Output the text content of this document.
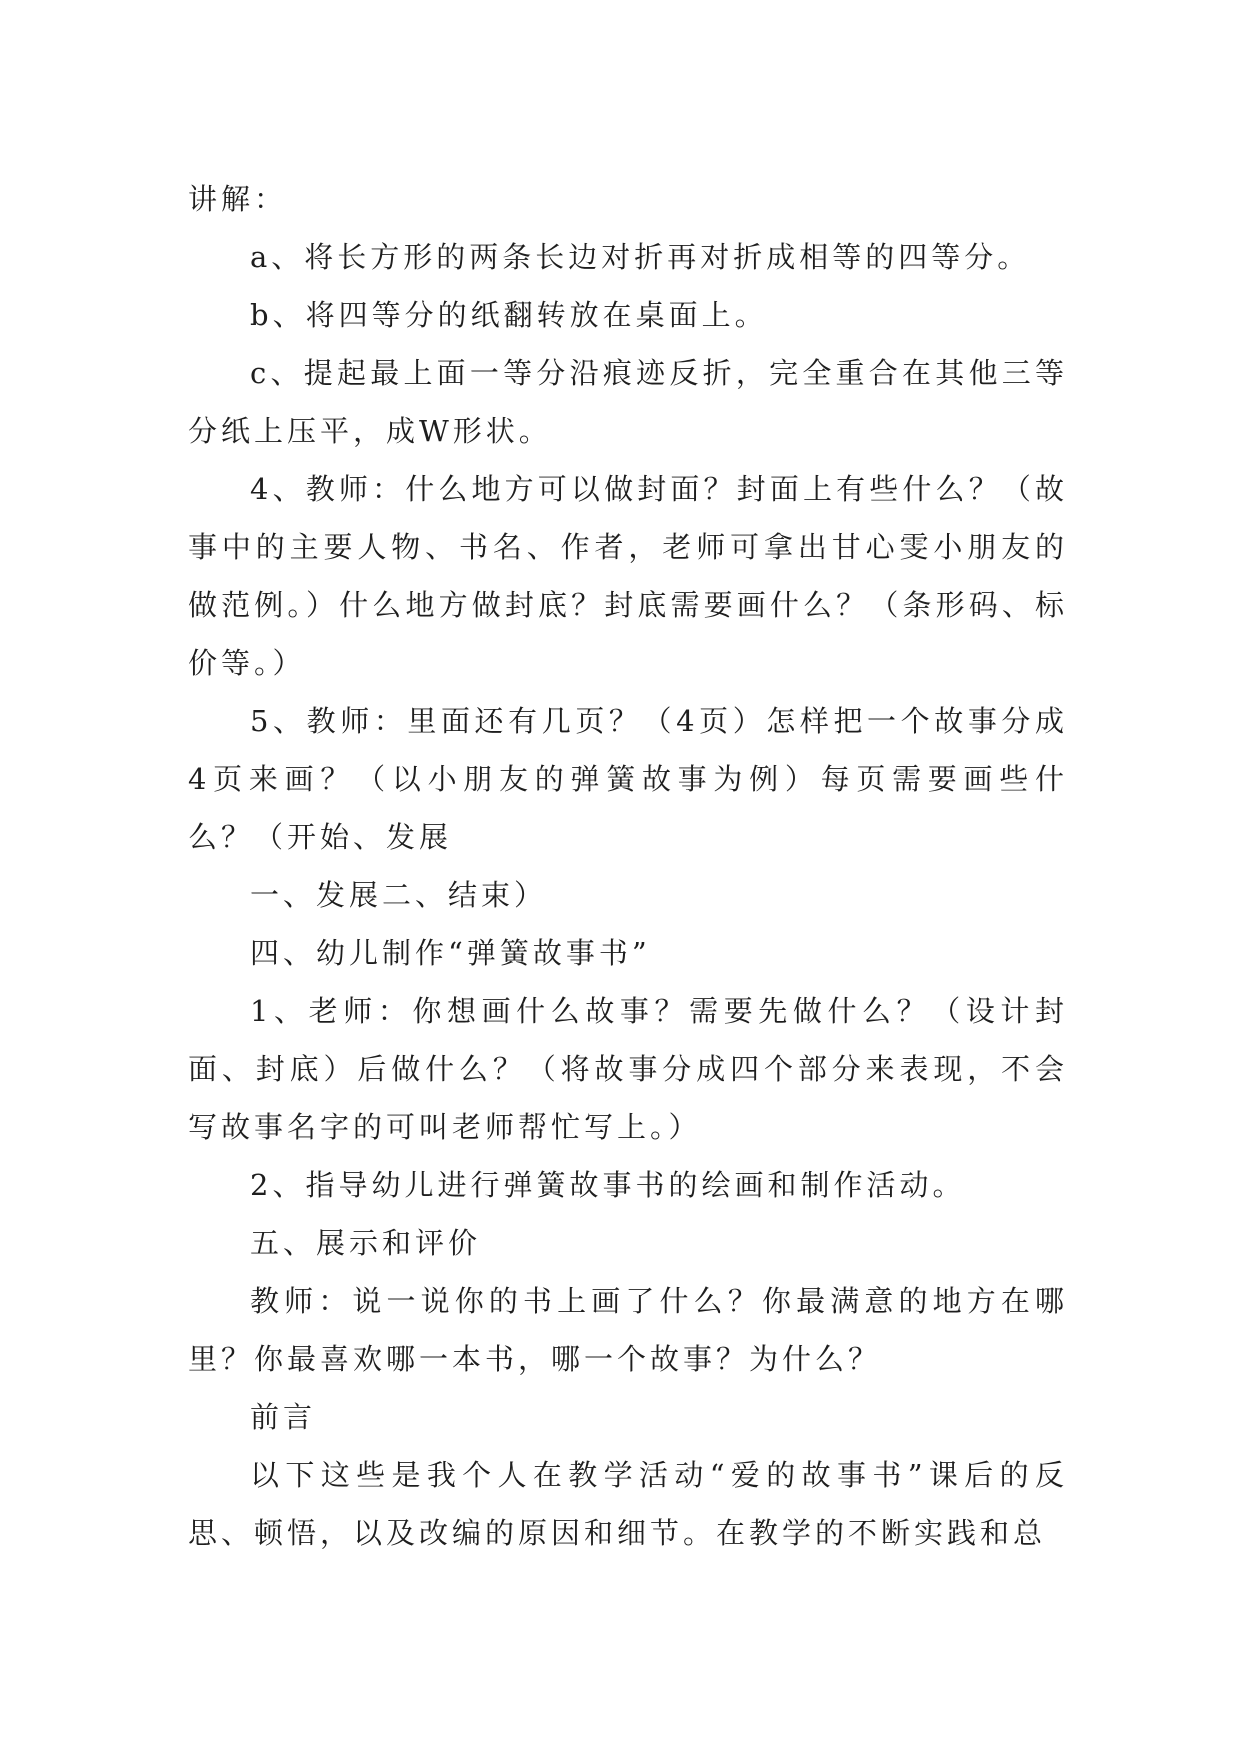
讲解：

a、将长方形的两条长边对折再对折成相等的四等分。

b、将四等分的纸翻转放在桌面上。

c、提起最上面一等分沿痕迹反折，完全重合在其他三等分纸上压平，成W形状。

4、教师：什么地方可以做封面？封面上有些什么？（故事中的主要人物、书名、作者，老师可拿出甘心雯小朋友的做范例。）什么地方做封底？封底需要画什么？（条形码、标价等。）

5、教师：里面还有几页？（4页）怎样把一个故事分成4页来画？（以小朋友的弹簧故事为例）每页需要画些什么？（开始、发展

一、发展二、结束）

四、幼儿制作“弹簧故事书”

1、老师：你想画什么故事？需要先做什么？（设计封面、封底）后做什么？（将故事分成四个部分来表现，不会写故事名字的可叫老师帮忙写上。）

2、指导幼儿进行弹簧故事书的绘画和制作活动。

五、展示和评价

教师：说一说你的书上画了什么？你最满意的地方在哪里？你最喜欢哪一本书，哪一个故事？为什么？

前言

以下这些是我个人在教学活动“爱的故事书”课后的反思、顿悟，以及改编的原因和细节。在教学的不断实践和总
